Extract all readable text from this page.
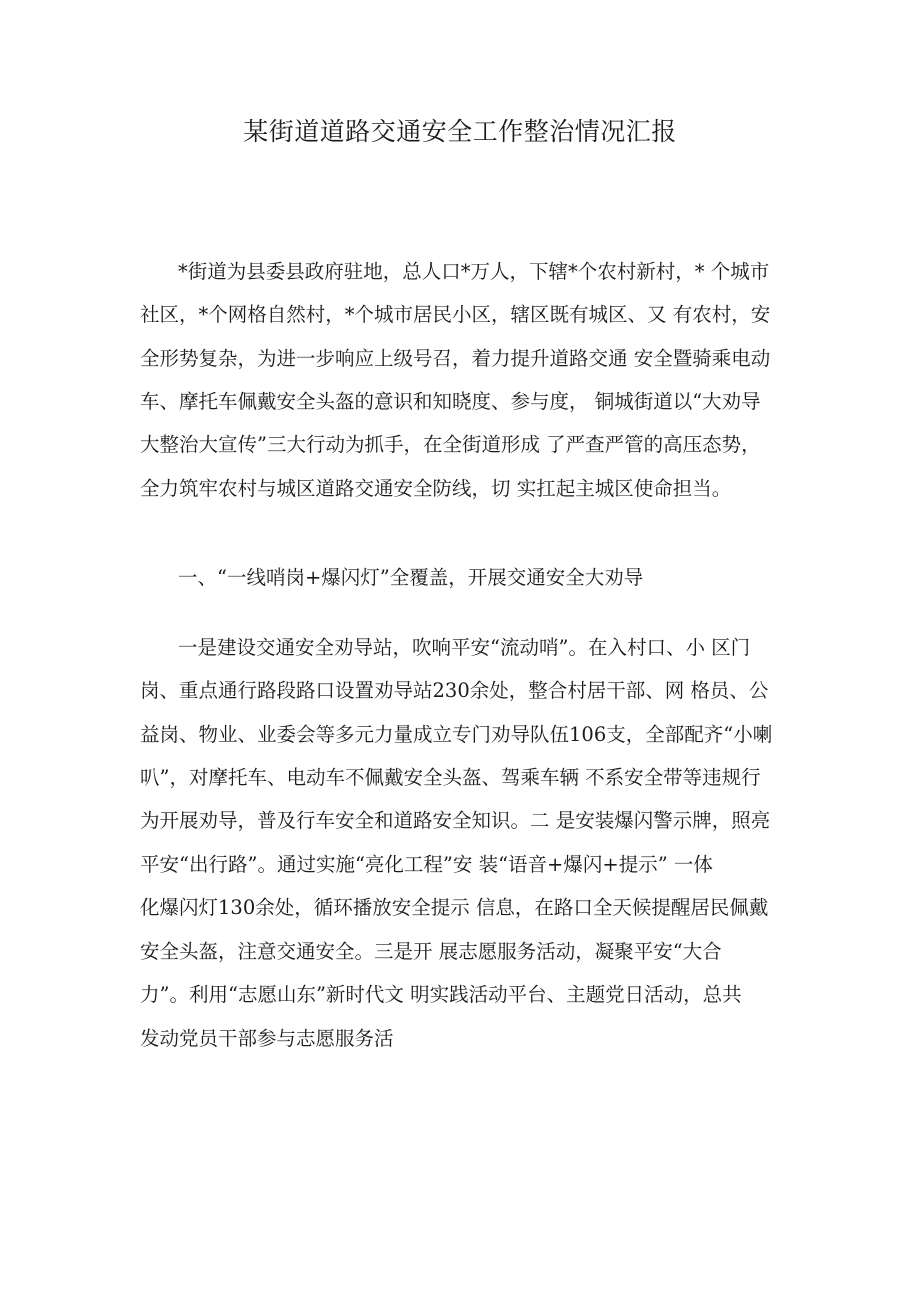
某街道道路交通安全工作整治情况汇报
*街道为县委县政府驻地，总人口*万人，下辖*个农村新村，* 个城市
社区，*个网格自然村，*个城市居民小区，辖区既有城区、又 有农村，安
全形势复杂，为进一步响应上级号召，着力提升道路交通 安全暨骑乘电动
车、摩托车佩戴安全头盔的意识和知晓度、参与度， 铜城街道以“大劝导
大整治大宣传”三大行动为抓手，在全街道形成 了严查严管的高压态势，
全力筑牢农村与城区道路交通安全防线，切 实扛起主城区使命担当。
一、“一线哨岗+爆闪灯”全覆盖，开展交通安全大劝导
一是建设交通安全劝导站，吹响平安“流动哨”。在入村口、小 区门
岗、重点通行路段路口设置劝导站230余处，整合村居干部、网 格员、公
益岗、物业、业委会等多元力量成立专门劝导队伍106支，全部配齐“小喇
叭”，对摩托车、电动车不佩戴安全头盔、驾乘车辆 不系安全带等违规行
为开展劝导，普及行车安全和道路安全知识。二 是安装爆闪警示牌，照亮
平安“出行路”。通过实施“亮化工程”安 装“语音+爆闪+提示” 一体
化爆闪灯130余处，循环播放安全提示 信息，在路口全天候提醒居民佩戴
安全头盔，注意交通安全。三是开 展志愿服务活动，凝聚平安“大合
力”。利用“志愿山东”新时代文 明实践活动平台、主题党日活动，总共
发动党员干部参与志愿服务活
